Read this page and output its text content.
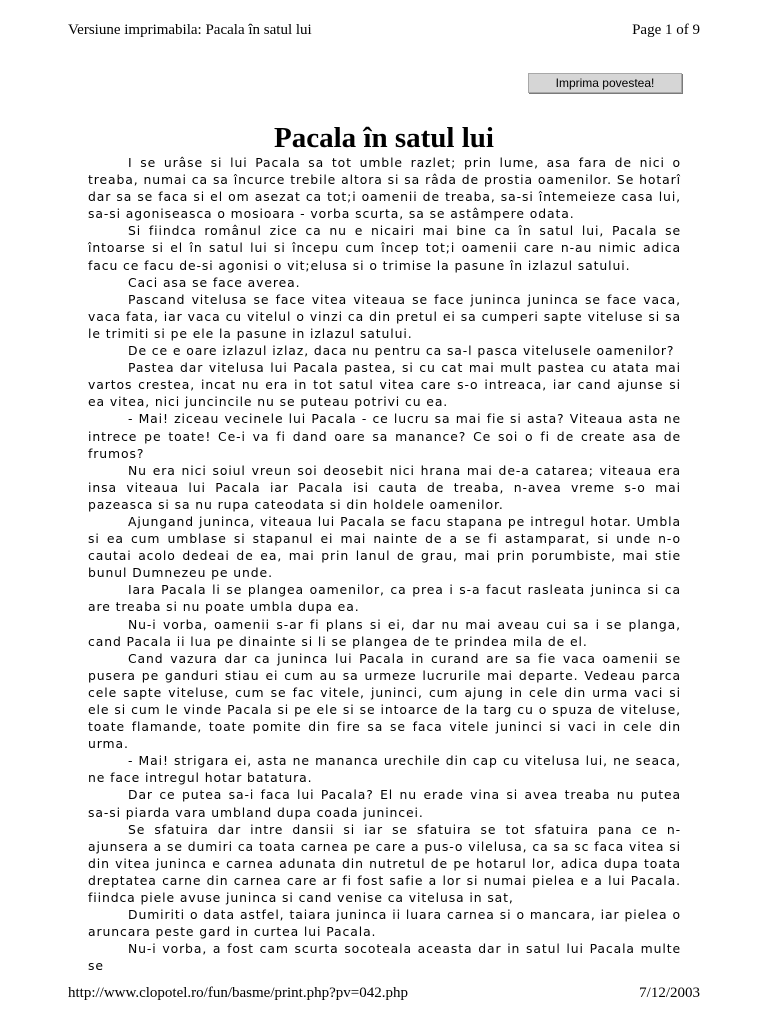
Versiune imprimabila: Pacala în satul lui	Page 1 of 9
Imprima povestea!
Pacala în satul lui

I se urâse si lui Pacala sa tot umble razlet; prin lume, asa fara de nici o treaba, numai ca sa încurce trebile altora si sa râda de prostia oamenilor. Se hotarî dar sa se faca si el om asezat ca tot;i oamenii de treaba, sa-si întemeieze casa lui, sa-si agoniseasca o mosioara - vorba scurta, sa se astâmpere odata.

Si fiindca românul zice ca nu e nicairi mai bine ca în satul lui, Pacala se întoarse si el în satul lui si începu cum încep tot;i oamenii care n-au nimic adica facu ce facu de-si agonisi o vit;elusa si o trimise la pasune în izlazul satului.

Caci asa se face averea.

Pascand vitelusa se face vitea viteaua se face juninca juninca se face vaca, vaca fata, iar vaca cu vitelul o vinzi ca din pretul ei sa cumperi sapte viteluse si sa le trimiti si pe ele la pasune in izlazul satului.

De ce e oare izlazul izlaz, daca nu pentru ca sa-l pasca vitelusele oamenilor?

Pastea dar vitelusa lui Pacala pastea, si cu cat mai mult pastea cu atata mai vartos crestea, incat nu era in tot satul vitea care s-o intreaca, iar cand ajunse si ea vitea, nici juncincile nu se puteau potrivi cu ea.

- Mai! ziceau vecinele lui Pacala - ce lucru sa mai fie si asta? Viteaua asta ne intrece pe toate! Ce-i va fi dand oare sa manance? Ce soi o fi de create asa de frumos?

Nu era nici soiul vreun soi deosebit nici hrana mai de-a catarea; viteaua era insa viteaua lui Pacala iar Pacala isi cauta de treaba, n-avea vreme s-o mai pazeasca si sa nu rupa cateodata si din holdele oamenilor.

Ajungand juninca, viteaua lui Pacala se facu stapana pe intregul hotar. Umbla si ea cum umblase si stapanul ei mai nainte de a se fi astamparat, si unde n-o cautai acolo dedeai de ea, mai prin lanul de grau, mai prin porumbiste, mai stie bunul Dumnezeu pe unde.

Iara Pacala li se plangea oamenilor, ca prea i s-a facut rasleata juninca si ca are treaba si nu poate umbla dupa ea.

Nu-i vorba, oamenii s-ar fi plans si ei, dar nu mai aveau cui sa i se planga, cand Pacala ii lua pe dinainte si li se plangea de te prindea mila de el.

Cand vazura dar ca juninca lui Pacala in curand are sa fie vaca oamenii se pusera pe ganduri stiau ei cum au sa urmeze lucrurile mai departe. Vedeau parca cele sapte viteluse, cum se fac vitele, junincі, cum ajung in cele din urma vaci si ele si cum le vinde Pacala si pe ele si se intoarce de la targ cu o spuza de viteluse, toate flamande, toate pomite din fire sa se faca vitele juninci si vaci in cele din urma.

- Mai! strigara ei, asta ne mananca urechile din cap cu vitelusa lui, ne seaca, ne face intregul hotar batatura.

Dar ce putea sa-i faca lui Pacala? El nu erade vina si avea treaba nu putea sa-si piarda vara umbland dupa coada junincei.

Se sfatuira dar intre dansii si iar se sfatuira se tot sfatuira pana ce n-ajunsera a se dumiri ca toata carnea pe care a pus-o vilelusa, ca sa sc faca vitea si din vitea juninca e carnea adunata din nutretul de pe hotarul lor, adica dupa toata dreptatea carne din carnea care ar fi fost safie a lor si numai pielea e a lui Pacala. fiindca piele avuse juninca si cand venise ca vitelusa in sat,

Dumiriti o data astfel, taiara juninca ii luara carnea si o mancara, iar pielea o aruncara peste gard in curtea lui Pacala.

Nu-i vorba, a fost cam scurta socoteala aceasta dar in satul lui Pacala multe se

http://www.clopotel.ro/fun/basme/print.php?pv=042.php	7/12/2003
